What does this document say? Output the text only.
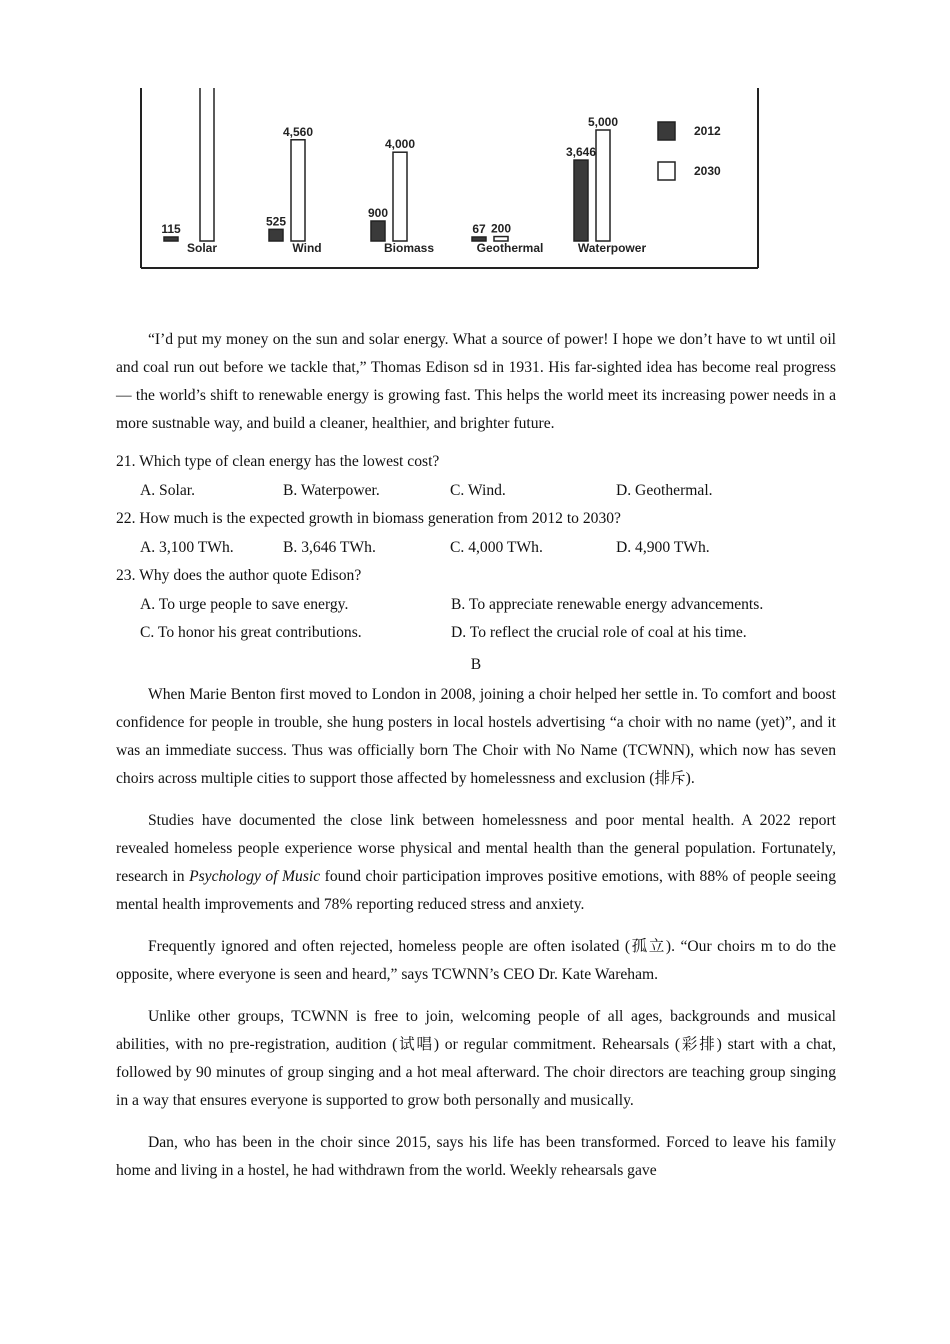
115
Solar
525
4,560
Wind
900
4,000
Biomass
67 200
Geothermal
3,646
5,000
Waterpower
2012
2030

“I’d put my money on the sun and solar energy. What a source of power! I hope we don’t have to wt until oil and coal run out before we tackle that,” Thomas Edison sd in 1931. His far-sighted idea has become real progress — the world’s shift to renewable energy is growing fast. This helps the world meet its increasing power needs in a more sustnable way, and build a cleaner, healthier, and brighter future.

21. Which type of clean energy has the lowest cost?

A. Solar.	B. Waterpower.	C. Wind.	D. Geothermal.

22. How much is the expected growth in biomass generation from 2012 to 2030?

A. 3,100 TWh.	B. 3,646 TWh.	C. 4,000 TWh.	D. 4,900 TWh.

23. Why does the author quote Edison?

A. To urge people to save energy.	B. To appreciate renewable energy advancements.
C. To honor his great contributions.	D. To reflect the crucial role of coal at his time.

B

When Marie Benton first moved to London in 2008, joining a choir helped her settle in. To comfort and boost confidence for people in trouble, she hung posters in local hostels advertising “a choir with no name (yet)”, and it was an immediate success. Thus was officially born The Choir with No Name (TCWNN), which now has seven choirs across multiple cities to support those affected by homelessness and exclusion (排斥).

Studies have documented the close link between homelessness and poor mental health. A 2022 report revealed homeless people experience worse physical and mental health than the general population. Fortunately, research in Psychology of Music found choir participation improves positive emotions, with 88% of people seeing mental health improvements and 78% reporting reduced stress and anxiety.

Frequently ignored and often rejected, homeless people are often isolated (孤立). “Our choirs m to do the opposite, where everyone is seen and heard,” says TCWNN’s CEO Dr. Kate Wareham.

Unlike other groups, TCWNN is free to join, welcoming people of all ages, backgrounds and musical abilities, with no pre-registration, audition (试唱) or regular commitment. Rehearsals (彩排) start with a chat, followed by 90 minutes of group singing and a hot meal afterward. The choir directors are teaching group singing in a way that ensures everyone is supported to grow both personally and musically.

Dan, who has been in the choir since 2015, says his life has been transformed. Forced to leave his family home and living in a hostel, he had withdrawn from the world. Weekly rehearsals gave
